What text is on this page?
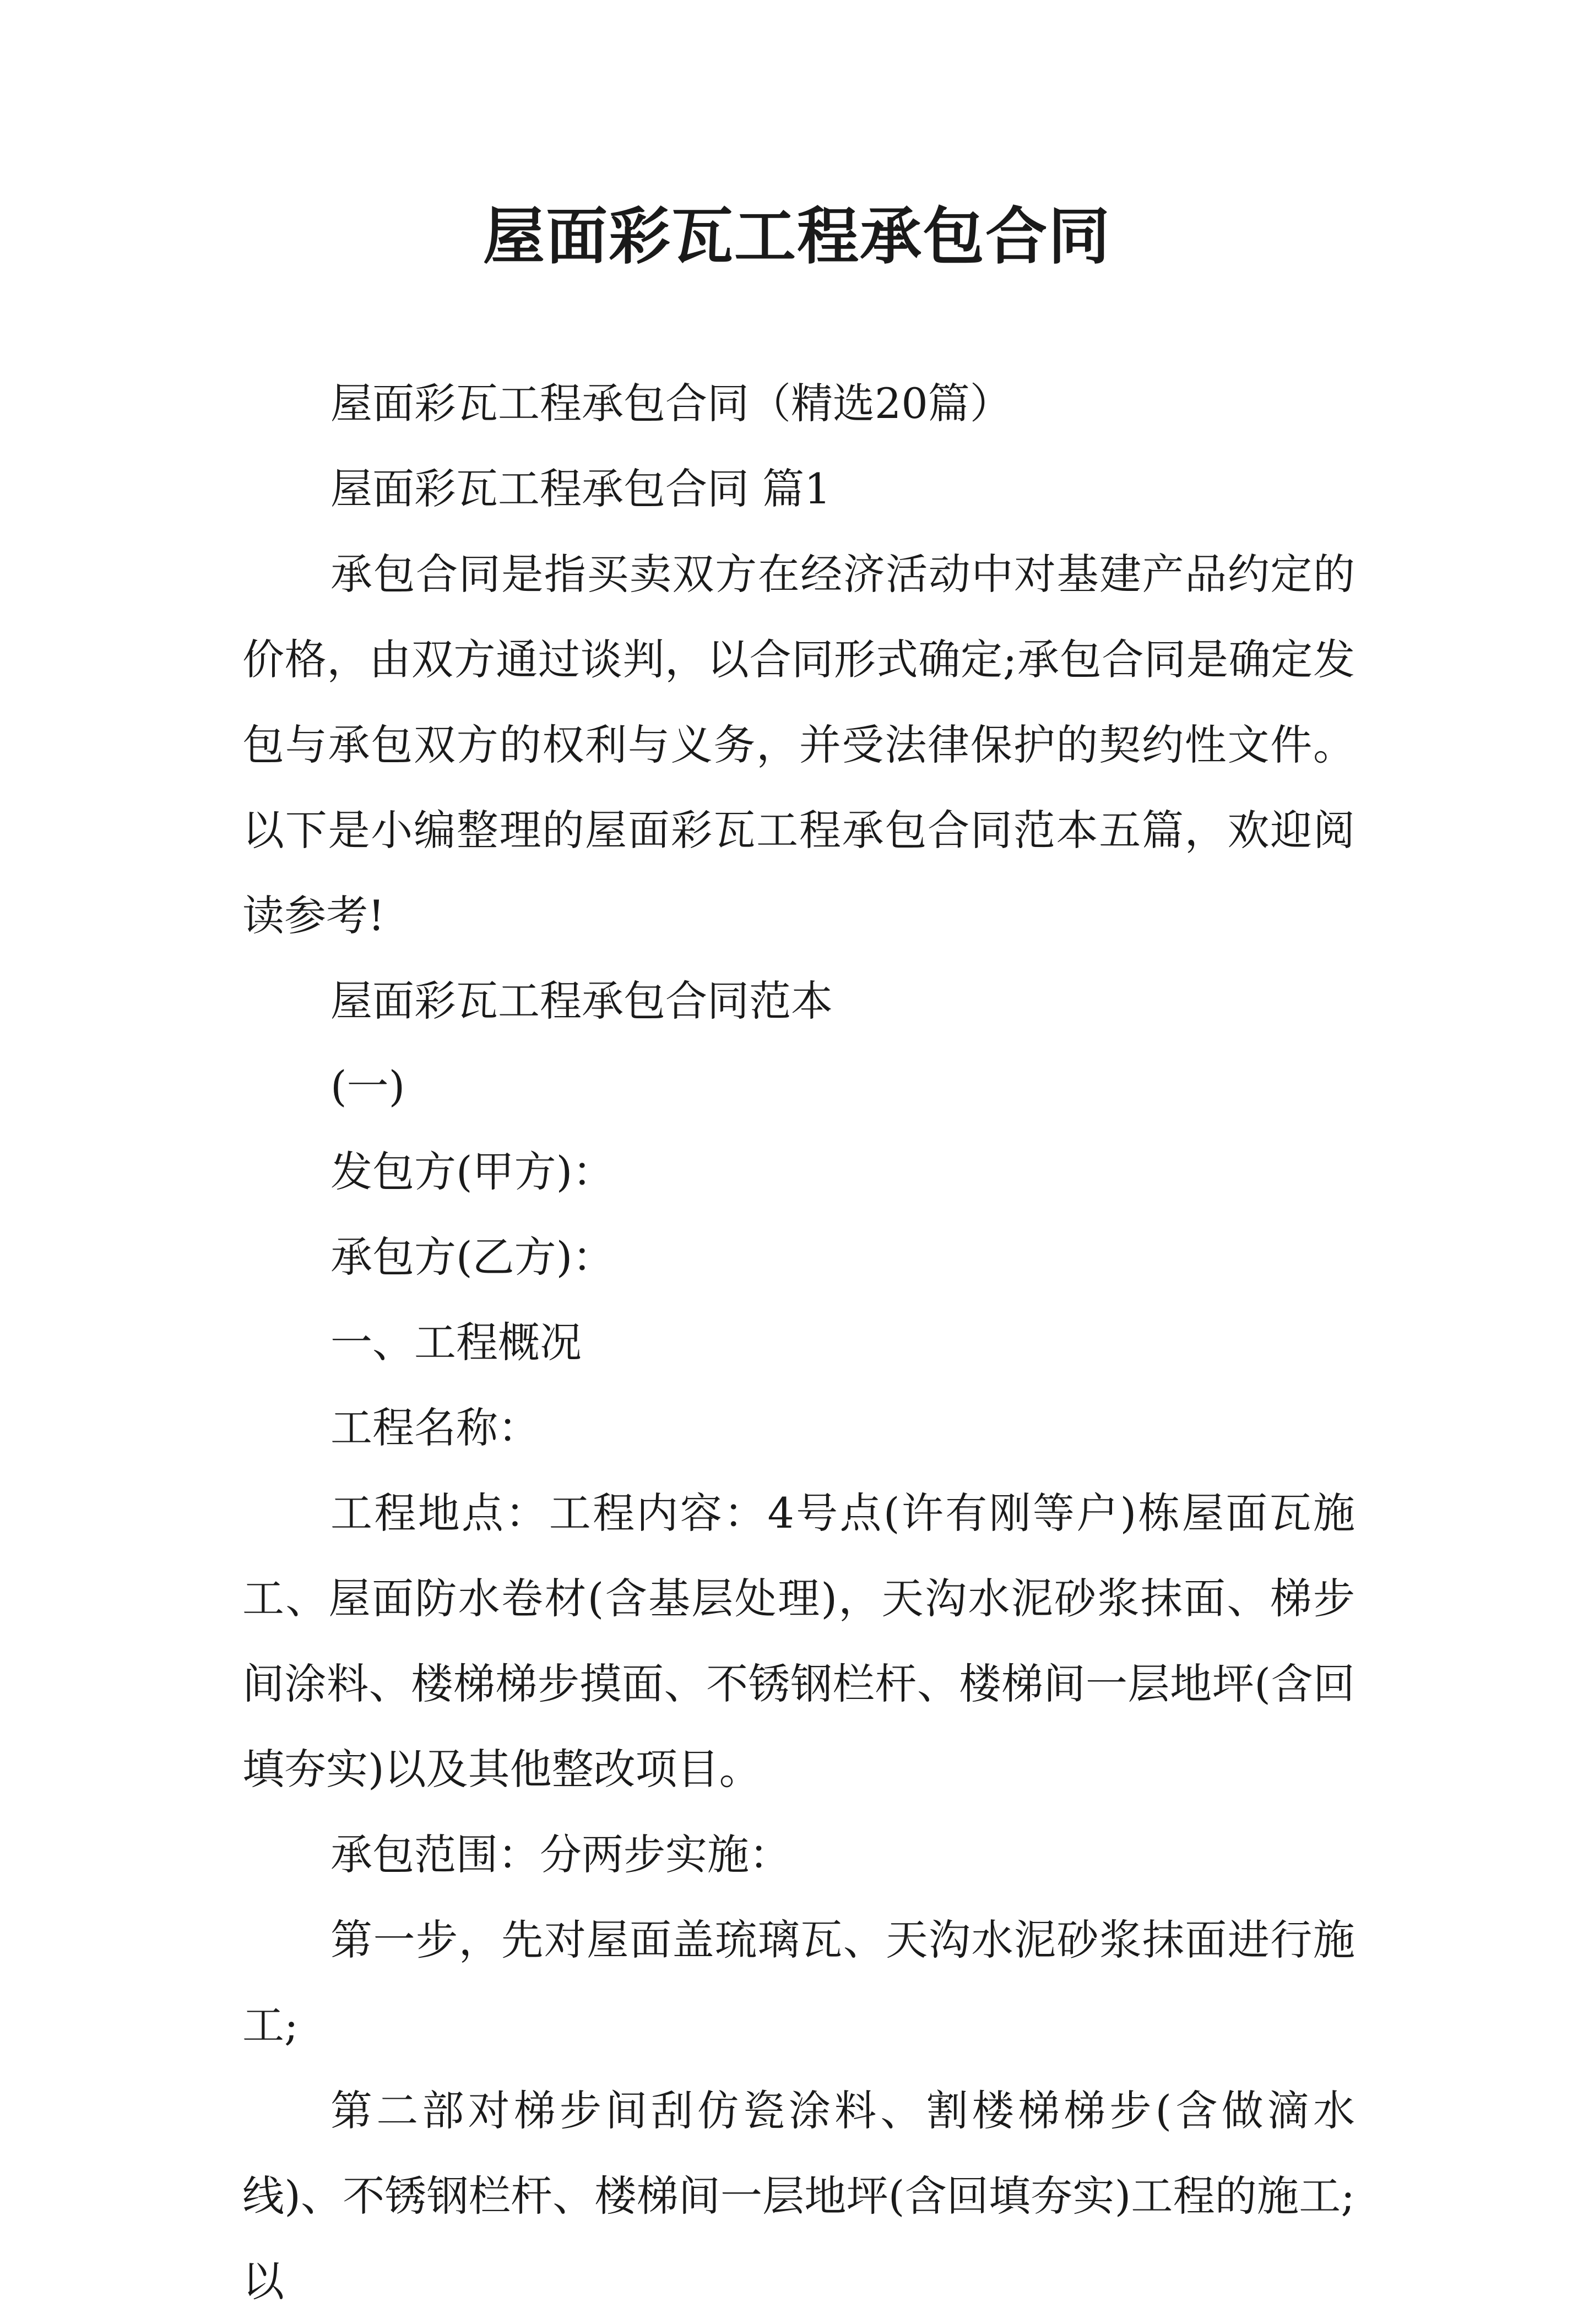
屋面彩瓦工程承包合同

屋面彩瓦工程承包合同（精选20篇）

屋面彩瓦工程承包合同 篇1

承包合同是指买卖双方在经济活动中对基建产品约定的价格，由双方通过谈判，以合同形式确定;承包合同是确定发包与承包双方的权利与义务，并受法律保护的契约性文件。以下是小编整理的屋面彩瓦工程承包合同范本五篇，欢迎阅读参考!

屋面彩瓦工程承包合同范本

(一)

发包方(甲方)：

承包方(乙方)：

一、工程概况

工程名称：

工程地点：工程内容：4号点(许有刚等户)栋屋面瓦施工、屋面防水卷材(含基层处理)，天沟水泥砂浆抹面、梯步间涂料、楼梯梯步摸面、不锈钢栏杆、楼梯间一层地坪(含回填夯实)以及其他整改项目。

承包范围：分两步实施：

第一步，先对屋面盖琉璃瓦、天沟水泥砂浆抹面进行施工;

第二部对梯步间刮仿瓷涂料、割楼梯梯步(含做滴水线)、不锈钢栏杆、楼梯间一层地坪(含回填夯实)工程的施工;以
